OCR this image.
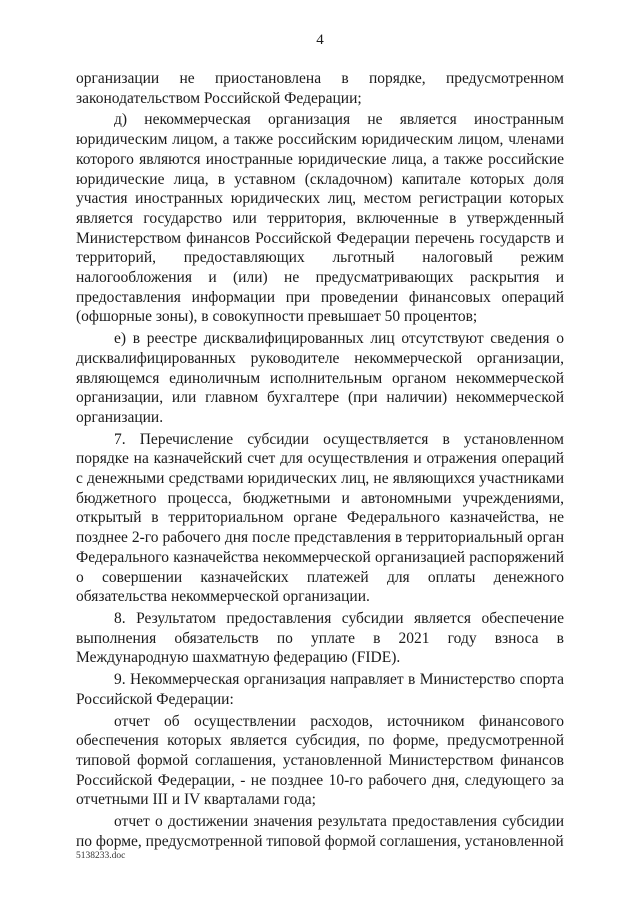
4

организации не приостановлена в порядке, предусмотренном законодательством Российской Федерации;

д) некоммерческая организация не является иностранным юридическим лицом, а также российским юридическим лицом, членами которого являются иностранные юридические лица, а также российские юридические лица, в уставном (складочном) капитале которых доля участия иностранных юридических лиц, местом регистрации которых является государство или территория, включенные в утвержденный Министерством финансов Российской Федерации перечень государств и территорий, предоставляющих льготный налоговый режим налогообложения и (или) не предусматривающих раскрытия и предоставления информации при проведении финансовых операций (офшорные зоны), в совокупности превышает 50 процентов;

е) в реестре дисквалифицированных лиц отсутствуют сведения о дисквалифицированных руководителе некоммерческой организации, являющемся единоличным исполнительным органом некоммерческой организации, или главном бухгалтере (при наличии) некоммерческой организации.

7. Перечисление субсидии осуществляется в установленном порядке на казначейский счет для осуществления и отражения операций с денежными средствами юридических лиц, не являющихся участниками бюджетного процесса, бюджетными и автономными учреждениями, открытый в территориальном органе Федерального казначейства, не позднее 2-го рабочего дня после представления в территориальный орган Федерального казначейства некоммерческой организацией распоряжений о совершении казначейских платежей для оплаты денежного обязательства некоммерческой организации.

8. Результатом предоставления субсидии является обеспечение выполнения обязательств по уплате в 2021 году взноса в Международную шахматную федерацию (FIDE).

9. Некоммерческая организация направляет в Министерство спорта Российской Федерации:

отчет об осуществлении расходов, источником финансового обеспечения которых является субсидия, по форме, предусмотренной типовой формой соглашения, установленной Министерством финансов Российской Федерации, - не позднее 10-го рабочего дня, следующего за отчетными III и IV кварталами года;

отчет о достижении значения результата предоставления субсидии по форме, предусмотренной типовой формой соглашения, установленной

5138233.doc
